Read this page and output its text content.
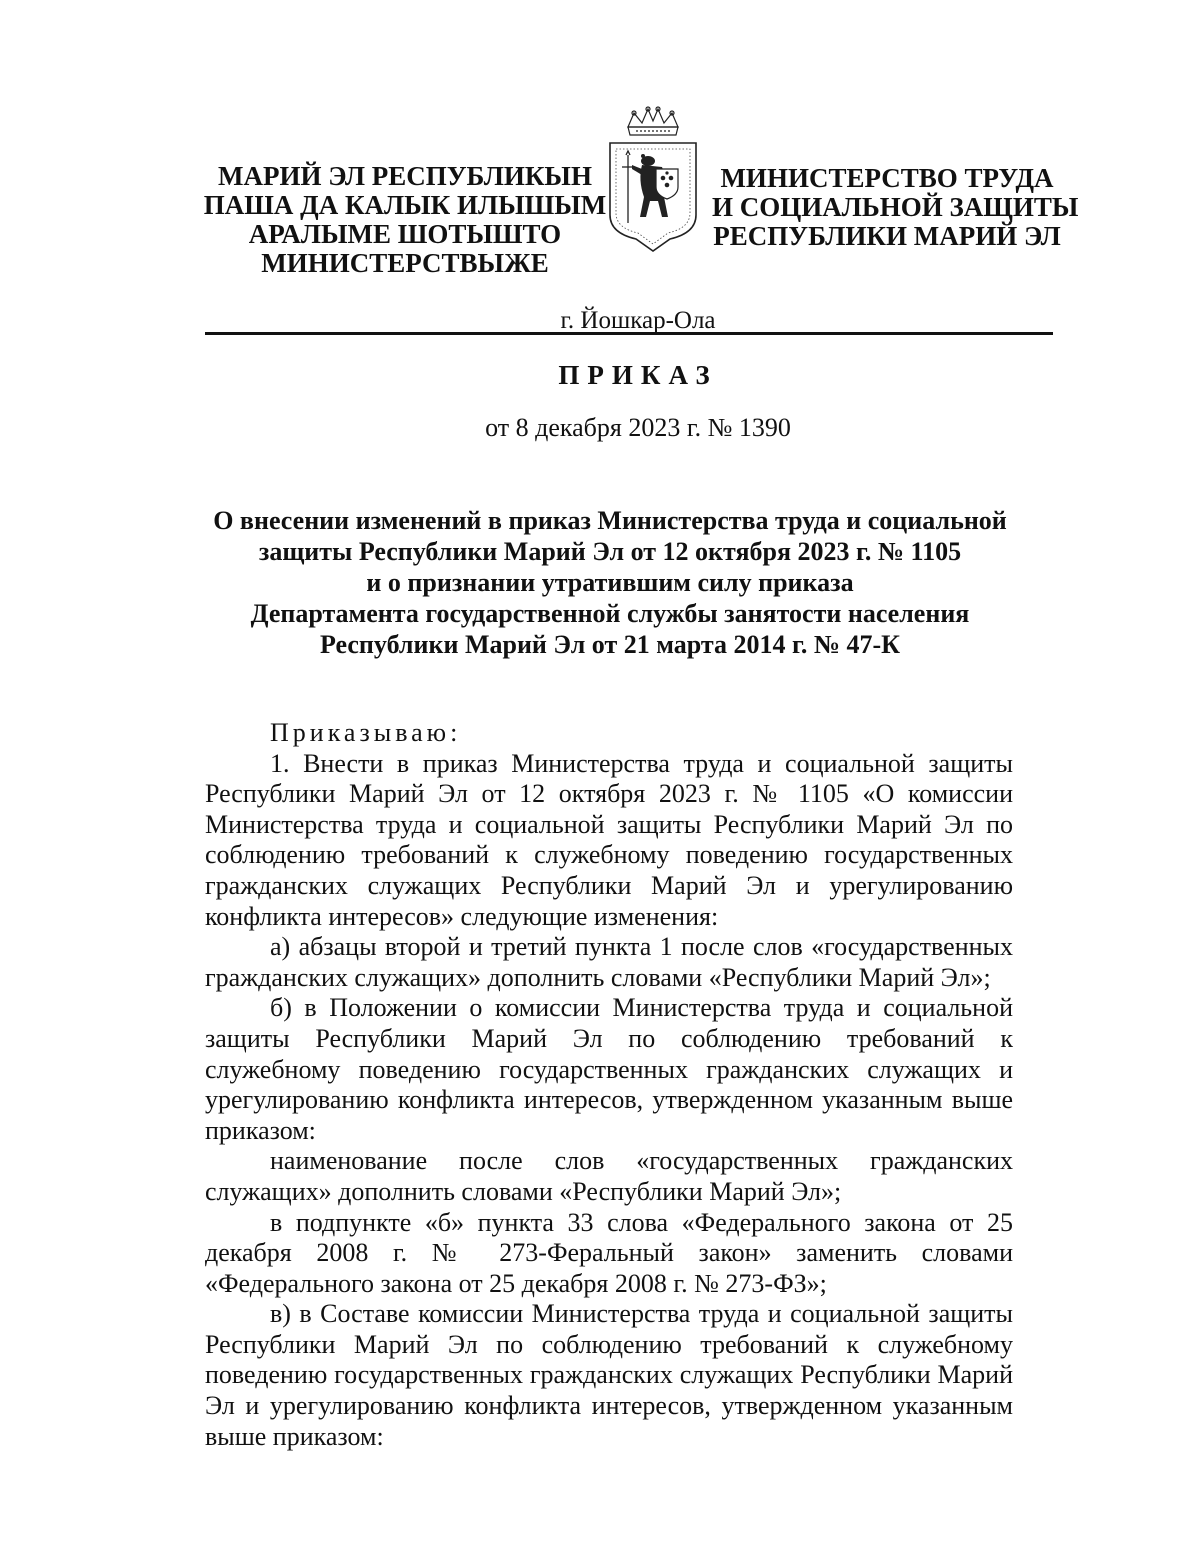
МАРИЙ ЭЛ РЕСПУБЛИКЫН
ПАША ДА КАЛЫК ИЛЫШЫМ
АРАЛЫМЕ ШОТЫШТО
МИНИСТЕРСТВЫЖЕ
МИНИСТЕРСТВО ТРУДА
И СОЦИАЛЬНОЙ ЗАЩИТЫ
РЕСПУБЛИКИ МАРИЙ ЭЛ
г. Йошкар-Ола
ПРИКАЗ
от 8 декабря 2023 г. № 1390
О внесении изменений в приказ Министерства труда и социальной
защиты Республики Марий Эл от 12 октября 2023 г. № 1105
и о признании утратившим силу приказа
Департамента государственной службы занятости населения
Республики Марий Эл от 21 марта 2014 г. № 47-К

Приказываю:

1. Внести в приказ Министерства труда и социальной защиты Республики Марий Эл от 12 октября 2023 г. № 1105 «О комиссии Министерства труда и социальной защиты Республики Марий Эл по соблюдению требований к служебному поведению государственных гражданских служащих Республики Марий Эл и урегулированию конфликта интересов» следующие изменения:

а) абзацы второй и третий пункта 1 после слов «государственных гражданских служащих» дополнить словами «Республики Марий Эл»;

б) в Положении о комиссии Министерства труда и социальной защиты Республики Марий Эл по соблюдению требований к служебному поведению государственных гражданских служащих и урегулированию конфликта интересов, утвержденном указанным выше приказом:

наименование после слов «государственных гражданских служащих» дополнить словами «Республики Марий Эл»;

в подпункте «б» пункта 33 слова «Федерального закона от 25 декабря 2008 г. № 273-Феральный закон» заменить словами «Федерального закона от 25 декабря 2008 г. № 273-ФЗ»;

в) в Составе комиссии Министерства труда и социальной защиты Республики Марий Эл по соблюдению требований к служебному поведению государственных гражданских служащих Республики Марий Эл и урегулированию конфликта интересов, утвержденном указанным выше приказом:
